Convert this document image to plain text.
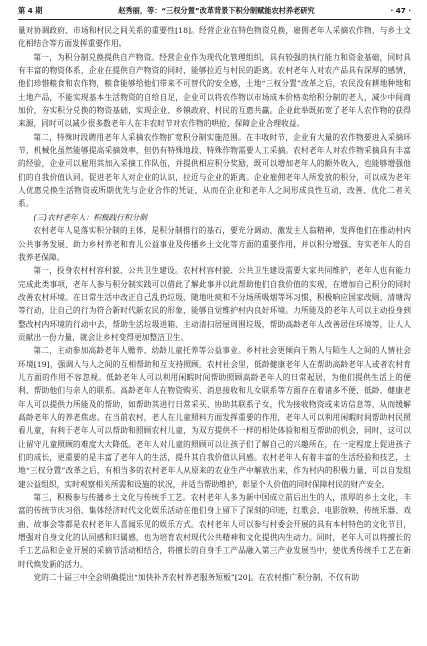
第 4 期	赵秀丽，等：“三权分置”改革背景下积分制赋能农村养老研究	· 47 ·

量对协调政府、市场和村民之间关系的重要性[18]。经营企业在特色物资兑换，雇佣老年人采摘农作物，与乡土文化相结合等方面发挥重要作用。

第一，为积分制兑换提供自产物资。经营企业作为现代化管理组织，具有较强的执行能力和资金基础，同时具有丰富的物资体系，企业在提供自产物资的同时，能够拉近与村民的距离。农村老年人对农产品具有深厚的感情，他们珍惜粮食和农作物，粮食能够给他们带来不可替代的安全感，土地“三权分置”改革之后，农民没有耕地种地和土地产品，不能实现基本生活物资的自给自足，企业可以将农作物以市场成本价格卖给积分制的老人，减少中间商加价，夯实积分兑换的物资基础，实现企业、乡镇政府、村民的互惠共赢。企业此举既拓宽了老年人农作物的获得来源，同时可以减少很多数老年人在丰农时节对农作物的哄抢，保障企业合理收益。

第二，特殊时段聘用老年人采摘农作物扩宽积分制实施范围。在丰收时节，企业有大量的农作物要进入采摘环节，机械化虽然能够提高采摘效率，但仍有特殊地段、特殊作物需要人工采摘。农村老年人对农作物采摘具有丰富的经验，企业可以雇用其加入采摘工作队伍，并提供相应积分奖励，既可以增加老年人的额外收入，也能够增强他们的自我价值认同，促进老年人对企业的认识，拉近与企业的距离。企业雇佣老年人所发放的积分，可以成为老年人优惠兑换生活物资或所期优先与企业合作的凭证，从而在企业和老年人之间形成良性互动，改善、优化二者关系。

(三)农村老年人：积极践行积分制

农村老年人是落实积分制的主体，是积分制推行的基石，要充分调动、激发主人翁精神，发挥他们在推动村内公共事务发展、助力乡村养老和育儿公益事业及传播乡土文化等方面的重要作用，并以积分增强、夯实老年人的自我养老保障。

第一，投身农村村容村貌、公共卫生建设。农村村容村貌、公共卫生建设需要大家共同维护，老年人也有能力完成此类事项，老年人参与积分制实践可以借此了解此事并以此帮助他们自我价值的实现，在增加自己积分的同时改善农村环境。在日常生活中改正自己乱扔垃圾、随地吐痰和不分场所吸烟等坏习惯，积极响应国家改厕、清塘沟等行动，让自己的行为符合新时代新农民的形象，能够自觉维护村内良好环境。力所能及的老年人可以主动投身到整改村内环境的行动中去，帮助生活垃圾进箱、主动清扫居屋周围垃圾，帮助高龄老年人改善居住环境等，让人人贡献出一份力量，就会让乡村变得更加整洁卫生。

第二，主动参加高龄老年人赡养、幼龄儿童托养等公益事业。乡村社会更倾向于熟人与陌生人之间的人情社会环境[19]，强调人与人之间的互相帮助和互支持照顾。农村社会里，低龄健康老年人在帮助高龄老年人或者农村育儿方面的作用不容忽视。低龄老年人可以利用闲暇时间帮助照顾高龄老年人的日常起居，为他们提供生活上的便利，帮助他们与亲人的联系。高龄老年人在物资购买、消息接收和儿女联系等方面存在着诸多不便，低龄、健康老年人可以提供力所能及的帮助，如帮助其进行日常采买、协助其联系子女，代为接收物资或来访信息等，从而缓解高龄老年人的养老焦虑。在当前农村，老人在儿童照料方面发挥重要的作用，老年人可以利用闲暇时间帮助村民照看儿童，有利于老年人可以帮助和照顾农村儿童，为双方提供不一样的相处体验和相互帮助的机会，同时，这可以让留守儿童照顾的难度大大降低。老年人对儿童的照顾可以让孩子们了解自己的兴趣所在，在一定程度上促进孩子们的成长，更重要的是丰富了老年人的生活，提升其自我价值认同感。农村老年人有着丰富的生活经验和技艺，土地“三权分置”改革之后，有相当多的农村老年人从原来的农业生产中解放出来，作为村内的积极力量，可以自发组建公益组织，实时观察相关所需和设施的状况，并适当帮助维护，彰显个人价值的同时保障村民的财产安全。

第三，积极参与传播乡土文化与传统手工艺。农村老年人多为新中国成立前后出生的人，浓厚的乡土文化，丰富的传统节庆习俗、集体经济时代文化娱乐活动在他们身上留下了深刻的印迹，红歌会、电影放映、传统乐器、戏曲、故事会等都是农村老年人喜闻乐见的娱乐方式。农村老年人可以参与村委会开展的具有本村特色的文化节目，增强对自身文化的认同感和归属感，也为培育农村现代公共精神和文化提供内生动力。同时，老年人可以将擅长的手工艺品和企业开展的采摘节活动相结合，将擅长的自身手工产品融入第三产业发展当中，使优秀传统手工艺在新时代焕发新的活力。

党的二十届三中全会明确提出“加快补齐农村养老服务短板”[20]。在农村推广积分制，不仅有助
